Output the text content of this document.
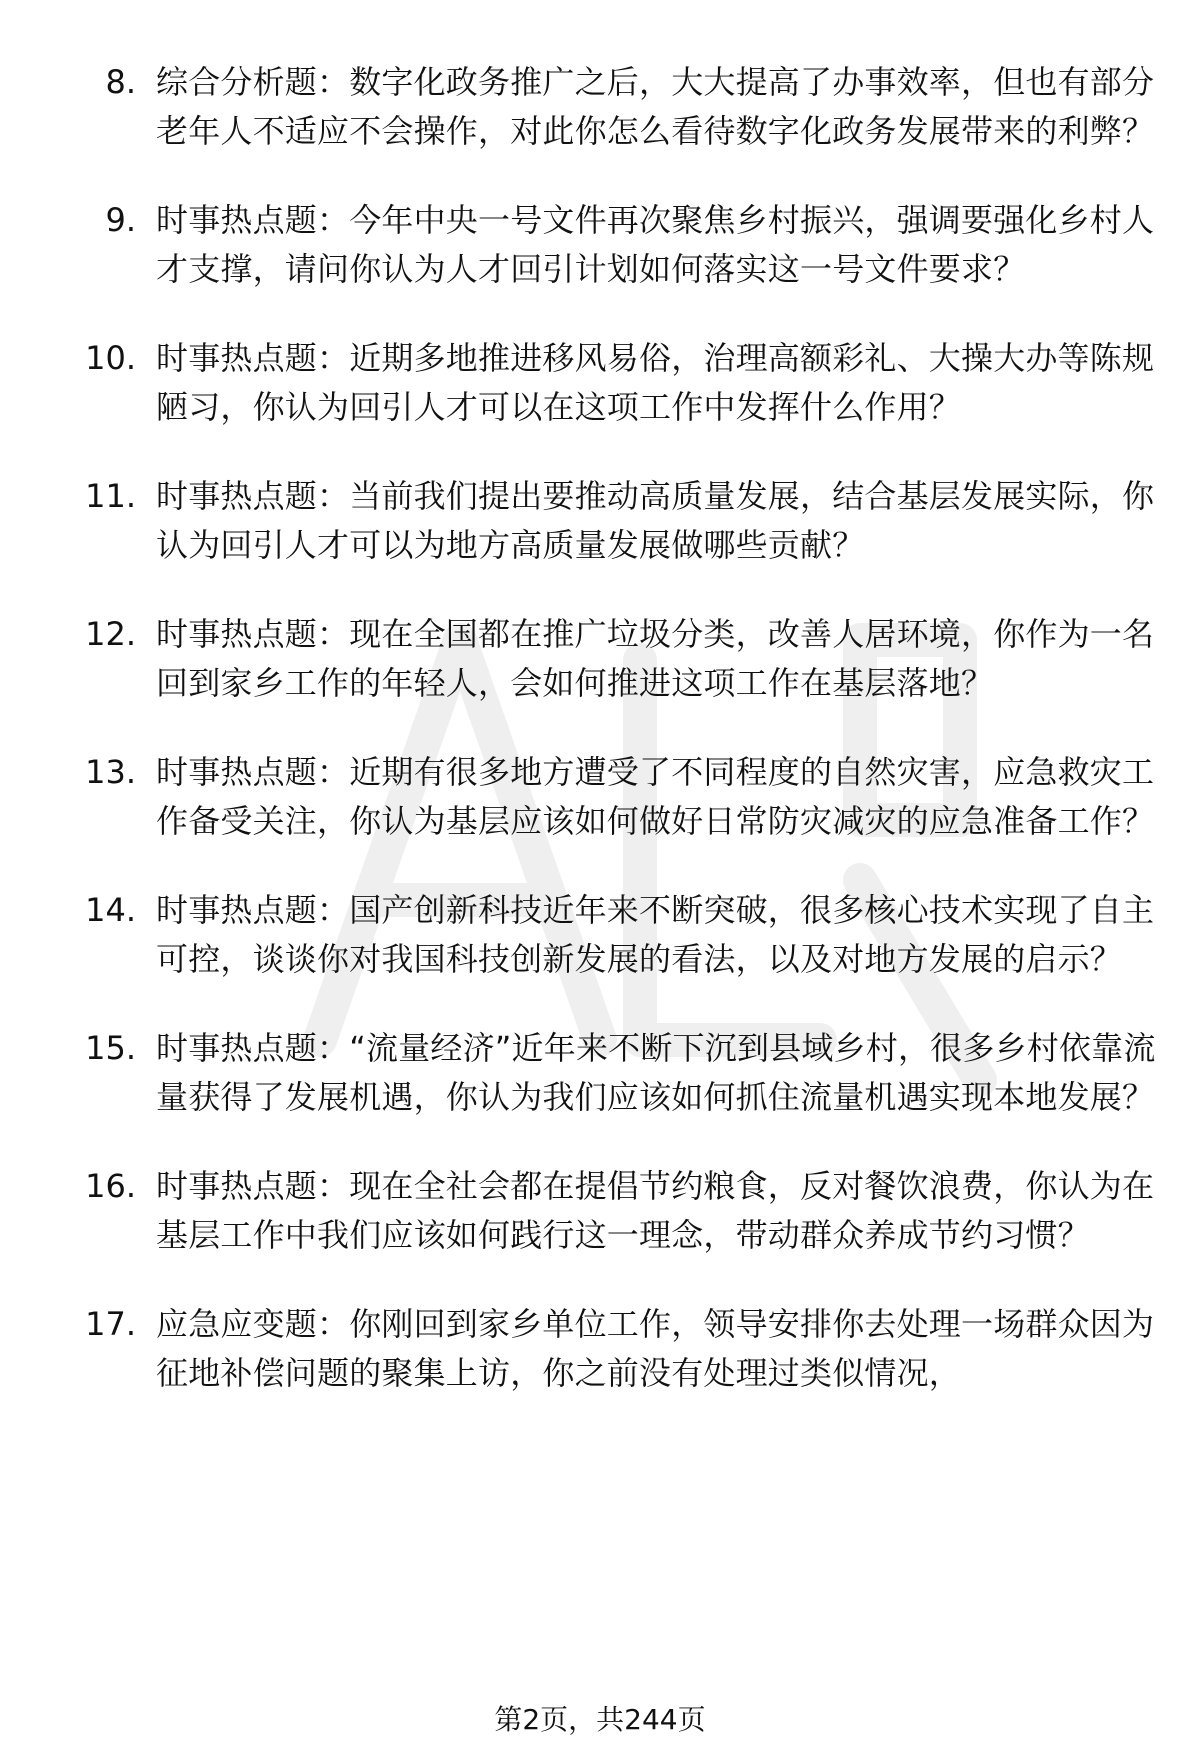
8. 综合分析题：数字化政务推广之后，大大提高了办事效率，但也有部分老年人不适应不会操作，对此你怎么看待数字化政务发展带来的利弊？
9. 时事热点题：今年中央一号文件再次聚焦乡村振兴，强调要强化乡村人才支撑，请问你认为人才回引计划如何落实这一号文件要求？
10. 时事热点题：近期多地推进移风易俗，治理高额彩礼、大操大办等陈规陋习，你认为回引人才可以在这项工作中发挥什么作用？
11. 时事热点题：当前我们提出要推动高质量发展，结合基层发展实际，你认为回引人才可以为地方高质量发展做哪些贡献？
12. 时事热点题：现在全国都在推广垃圾分类，改善人居环境，你作为一名回到家乡工作的年轻人，会如何推进这项工作在基层落地？
13. 时事热点题：近期有很多地方遭受了不同程度的自然灾害，应急救灾工作备受关注，你认为基层应该如何做好日常防灾减灾的应急准备工作？
14. 时事热点题：国产创新科技近年来不断突破，很多核心技术实现了自主可控，谈谈你对我国科技创新发展的看法，以及对地方发展的启示？
15. 时事热点题：“流量经济”近年来不断下沉到县域乡村，很多乡村依靠流量获得了发展机遇，你认为我们应该如何抓住流量机遇实现本地发展？
16. 时事热点题：现在全社会都在提倡节约粮食，反对餐饮浪费，你认为在基层工作中我们应该如何践行这一理念，带动群众养成节约习惯？
17. 应急应变题：你刚回到家乡单位工作，领导安排你去处理一场群众因为征地补偿问题的聚集上访，你之前没有处理过类似情况，
第2页，共244页
